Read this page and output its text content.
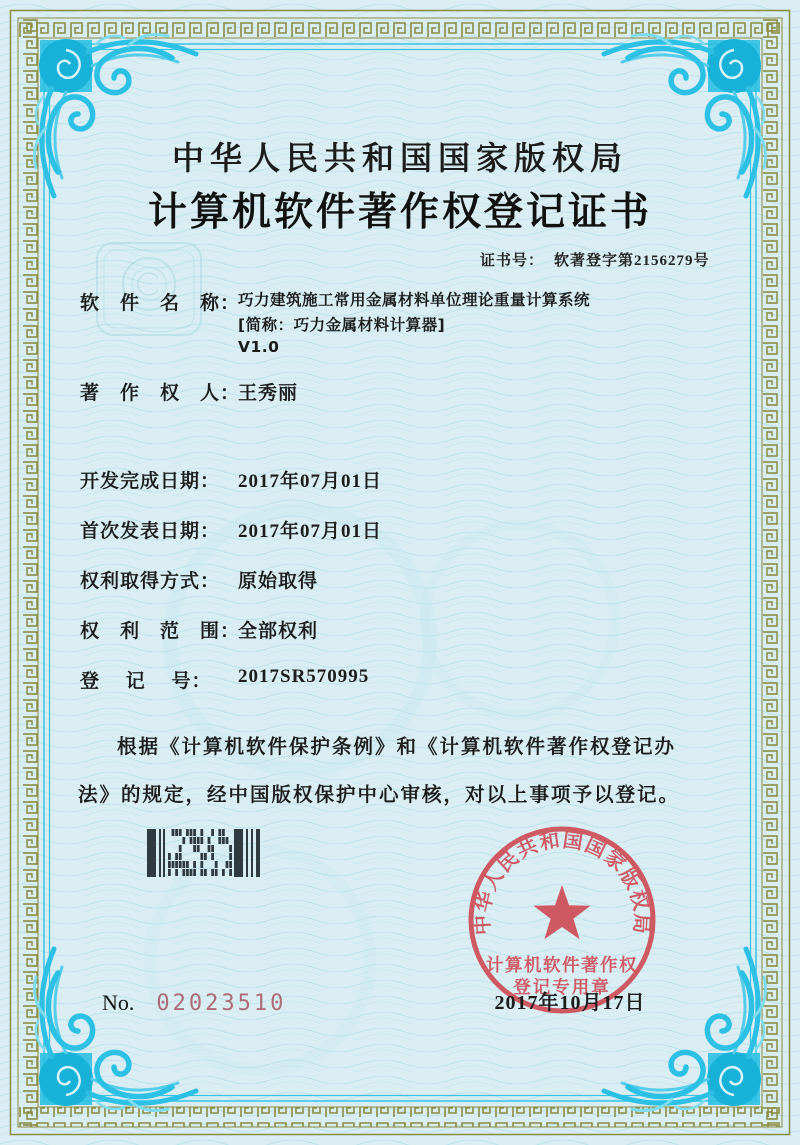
中华人民共和国国家版权局
计算机软件著作权登记证书
证书号： 软著登字第2156279号
软　件　名　称：
巧力建筑施工常用金属材料单位理论重量计算系统
[简称：巧力金属材料计算器]
V1.0
著　作　权　人：
王秀丽
开发完成日期： 2017年07月01日
首次发表日期： 2017年07月01日
权利取得方式： 原始取得
权　利　范　围：
全部权利
登　 记　 号：	2017SR570995
根据《计算机软件保护条例》和《计算机软件著作权登记办法》的规定，经中国版权保护中心审核，对以上事项予以登记。
中华人民共和国国家版权局
计算机软件著作权
登记专用章
2017年10月17日
No. 02023510
